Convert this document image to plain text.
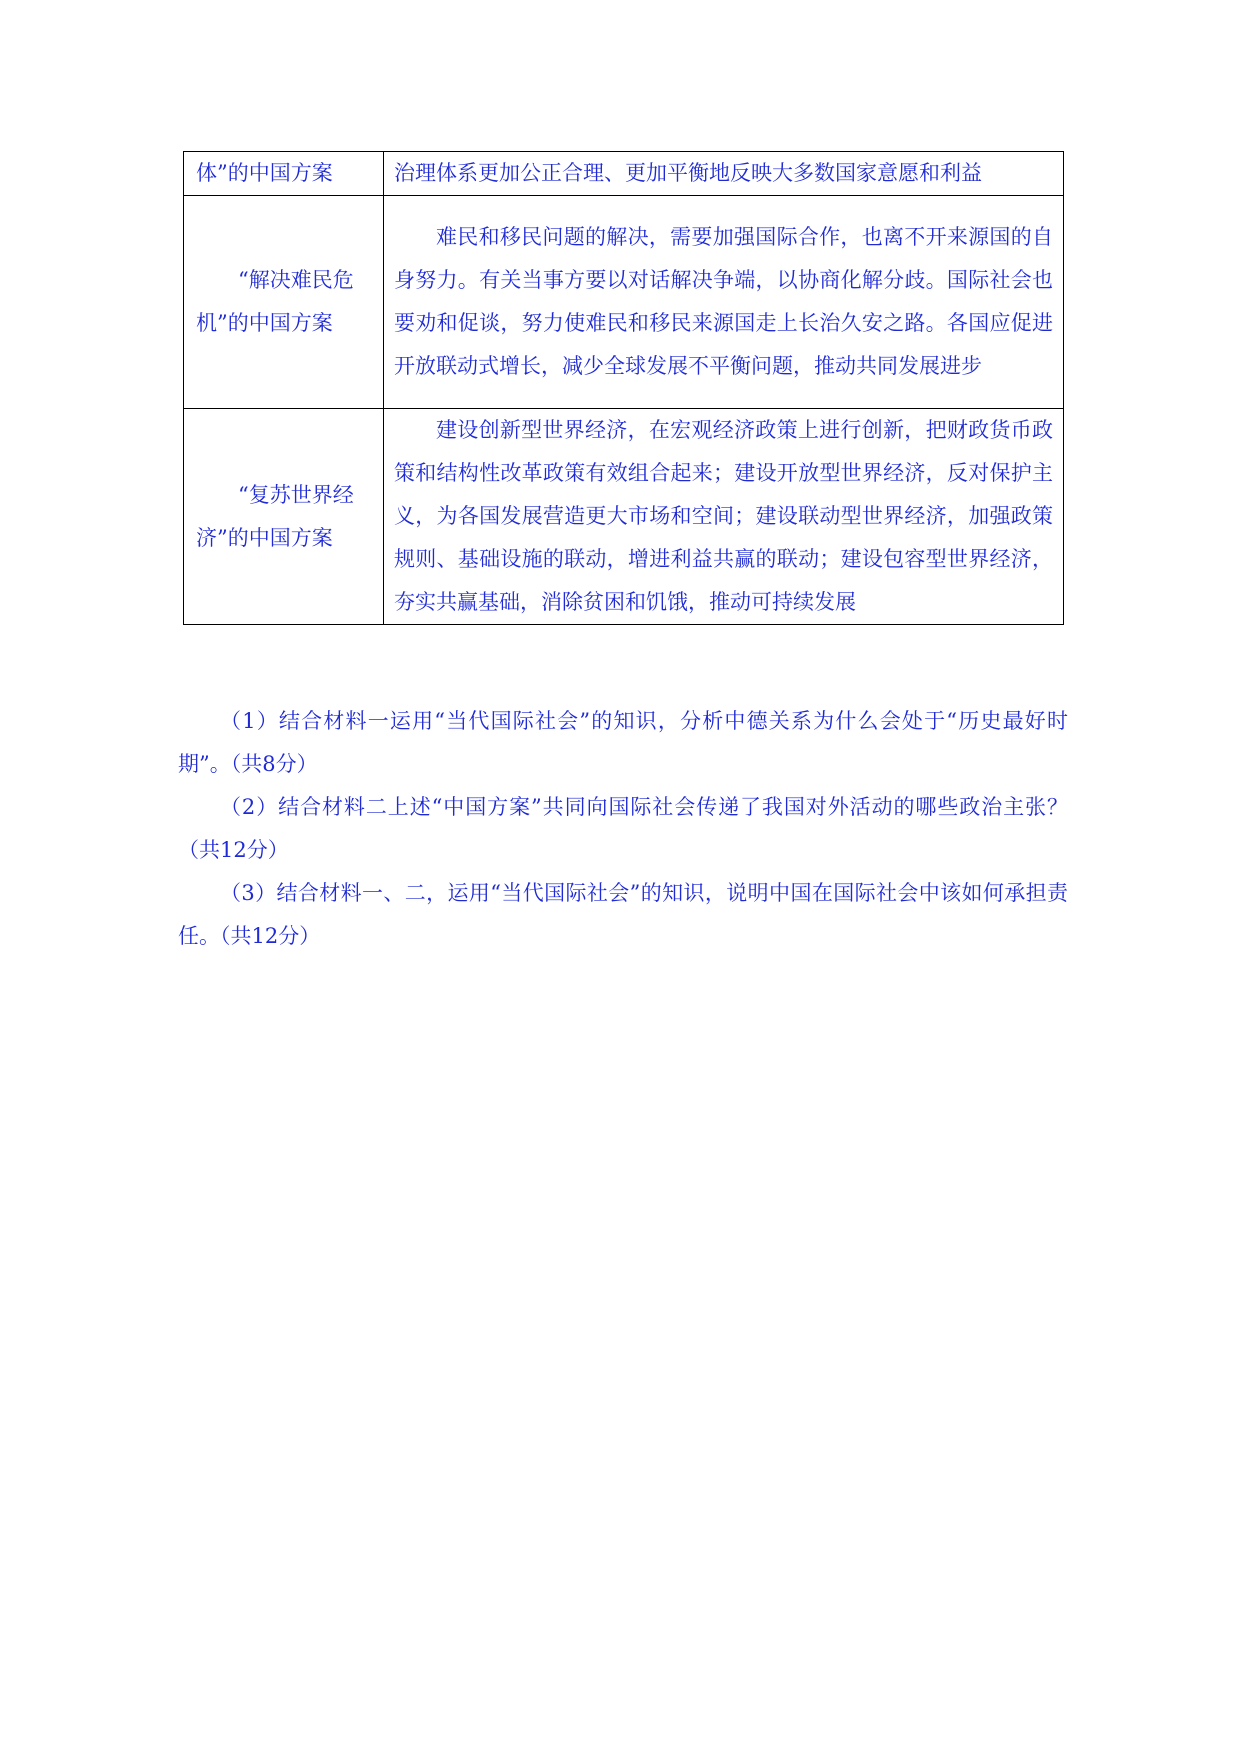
体”的中国方案	治理体系更加公正合理、更加平衡地反映大多数国家意愿和利益
“解决难民危机”的中国方案	难民和移民问题的解决，需要加强国际合作，也离不开来源国的自身努力。有关当事方要以对话解决争端，以协商化解分歧。国际社会也要劝和促谈，努力使难民和移民来源国走上长治久安之路。各国应促进开放联动式增长，减少全球发展不平衡问题，推动共同发展进步
“复苏世界经济”的中国方案	建设创新型世界经济，在宏观经济政策上进行创新，把财政货币政策和结构性改革政策有效组合起来；建设开放型世界经济，反对保护主义，为各国发展营造更大市场和空间；建设联动型世界经济，加强政策规则、基础设施的联动，增进利益共赢的联动；建设包容型世界经济，夯实共赢基础，消除贫困和饥饿，推动可持续发展

（1）结合材料一运用“当代国际社会”的知识，分析中德关系为什么会处于“历史最好时期”。（共8分）

（2）结合材料二上述“中国方案”共同向国际社会传递了我国对外活动的哪些政治主张？（共12分）

（3）结合材料一、二，运用“当代国际社会”的知识，说明中国在国际社会中该如何承担责任。（共12分）
